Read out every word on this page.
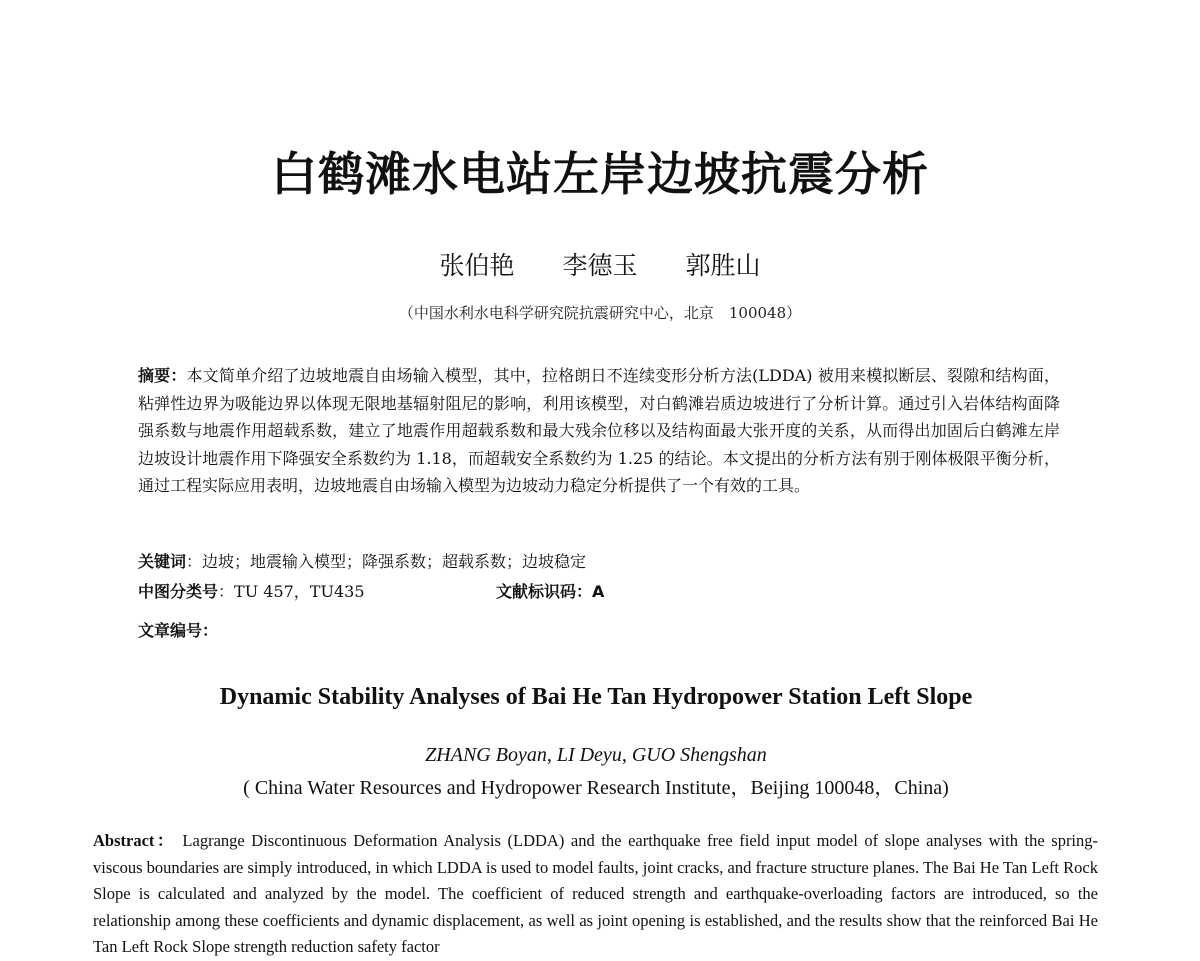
白鹤滩水电站左岸边坡抗震分析
张伯艳 李德玉 郭胜山
（中国水利水电科学研究院抗震研究中心，北京　100048）
摘要：本文简单介绍了边坡地震自由场输入模型，其中，拉格朗日不连续变形分析方法(LDDA) 被用来模拟断层、裂隙和结构面，粘弹性边界为吸能边界以体现无限地基辐射阻尼的影响，利用该模型，对白鹤滩岩质边坡进行了分析计算。通过引入岩体结构面降强系数与地震作用超载系数，建立了地震作用超载系数和最大残余位移以及结构面最大张开度的关系，从而得出加固后白鹤滩左岸边坡设计地震作用下降强安全系数约为 1.18，而超载安全系数约为 1.25 的结论。本文提出的分析方法有别于刚体极限平衡分析，通过工程实际应用表明，边坡地震自由场输入模型为边坡动力稳定分析提供了一个有效的工具。
关键词：边坡；地震输入模型；降强系数；超载系数；边坡稳定
中图分类号：TU 457，TU435	文献标识码：A
文章编号：
Dynamic Stability Analyses of Bai He Tan Hydropower Station Left Slope
ZHANG Boyan, LI Deyu, GUO Shengshan
( China Water Resources and Hydropower Research Institute，Beijing 100048，China)
Abstract： Lagrange Discontinuous Deformation Analysis (LDDA) and the earthquake free field input model of slope analyses with the spring-viscous boundaries are simply introduced, in which LDDA is used to model faults, joint cracks, and fracture structure planes. The Bai He Tan Left Rock Slope is calculated and analyzed by the model. The coefficient of reduced strength and earthquake-overloading factors are introduced, so the relationship among these coefficients and dynamic displacement, as well as joint opening is established, and the results show that the reinforced Bai He Tan Left Rock Slope strength reduction safety factor
